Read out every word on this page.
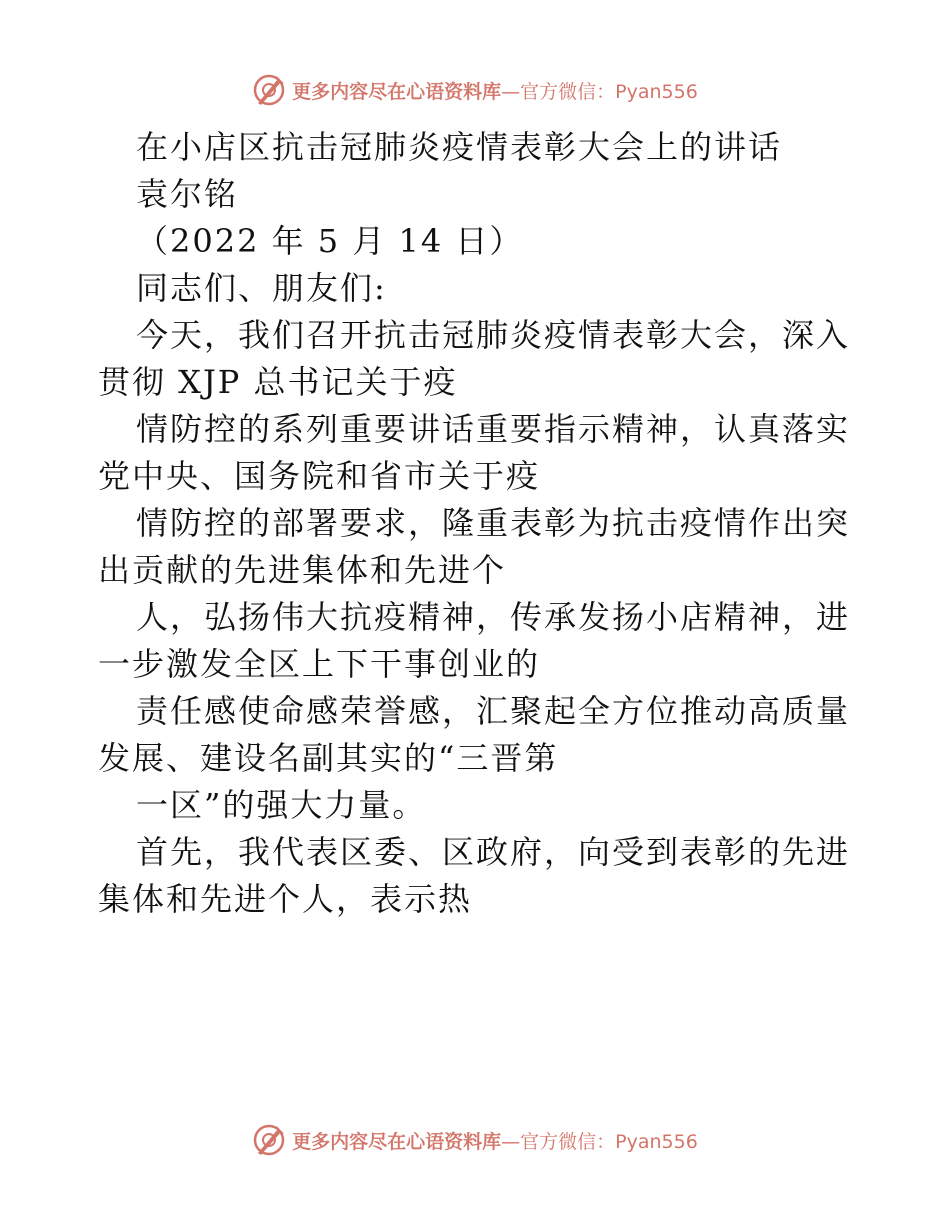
更多内容尽在心语资料库—官方微信：Pyan556
在小店区抗击冠肺炎疫情表彰大会上的讲话
袁尔铭
（2022 年 5 月 14 日）
同志们、朋友们:
今天，我们召开抗击冠肺炎疫情表彰大会，深入
贯彻 XJP 总书记关于疫
情防控的系列重要讲话重要指示精神，认真落实
党中央、国务院和省市关于疫
情防控的部署要求，隆重表彰为抗击疫情作出突
出贡献的先进集体和先进个
人，弘扬伟大抗疫精神，传承发扬小店精神，进
一步激发全区上下干事创业的
责任感使命感荣誉感，汇聚起全方位推动高质量
发展、建设名副其实的“三晋第
一区”的强大力量。
首先，我代表区委、区政府，向受到表彰的先进
集体和先进个人，表示热
更多内容尽在心语资料库—官方微信：Pyan556
